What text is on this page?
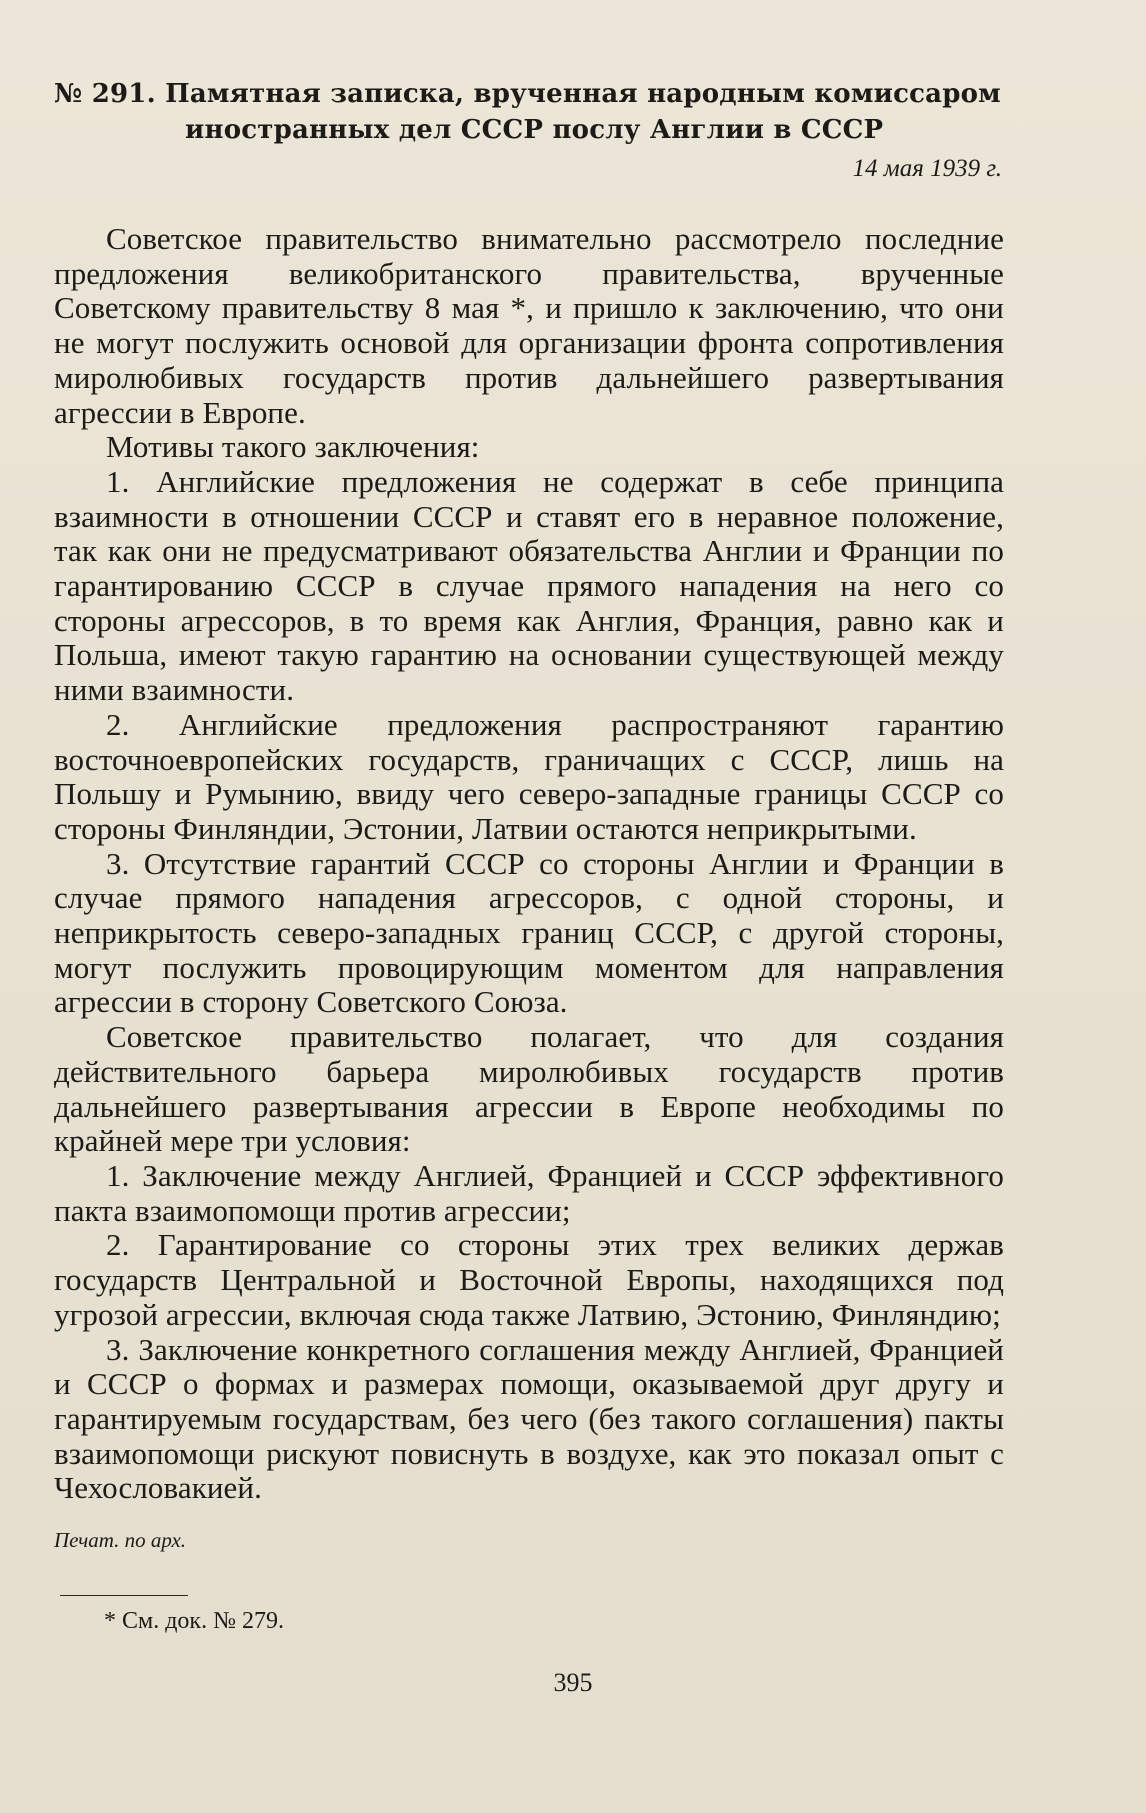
№ 291. Памятная записка, врученная народным комиссаром иностранных дел СССР послу Англии в СССР
14 мая 1939 г.

Советское правительство внимательно рассмотрело последние предложения великобританского правительства, врученные Советскому правительству 8 мая *, и пришло к заключению, что они не могут послужить основой для организации фронта сопротивления миролюбивых государств против дальнейшего развертывания агрессии в Европе.

Мотивы такого заключения:

1. Английские предложения не содержат в себе принципа взаимности в отношении СССР и ставят его в неравное положение, так как они не предусматривают обязательства Англии и Франции по гарантированию СССР в случае прямого нападения на него со стороны агрессоров, в то время как Англия, Франция, равно как и Польша, имеют такую гарантию на основании существующей между ними взаимности.

2. Английские предложения распространяют гарантию восточноевропейских государств, граничащих с СССР, лишь на Польшу и Румынию, ввиду чего северо-западные границы СССР со стороны Финляндии, Эстонии, Латвии остаются неприкрытыми.

3. Отсутствие гарантий СССР со стороны Англии и Франции в случае прямого нападения агрессоров, с одной стороны, и неприкрытость северо-западных границ СССР, с другой стороны, могут послужить провоцирующим моментом для направления агрессии в сторону Советского Союза.

Советское правительство полагает, что для создания действительного барьера миролюбивых государств против дальнейшего развертывания агрессии в Европе необходимы по крайней мере три условия:

1. Заключение между Англией, Францией и СССР эффективного пакта взаимопомощи против агрессии;

2. Гарантирование со стороны этих трех великих держав государств Центральной и Восточной Европы, находящихся под угрозой агрессии, включая сюда также Латвию, Эстонию, Финляндию;

3. Заключение конкретного соглашения между Англией, Францией и СССР о формах и размерах помощи, оказываемой друг другу и гарантируемым государствам, без чего (без такого соглашения) пакты взаимопомощи рискуют повиснуть в воздухе, как это показал опыт с Чехословакией.

Печат. по арх.
* См. док. № 279.
395
